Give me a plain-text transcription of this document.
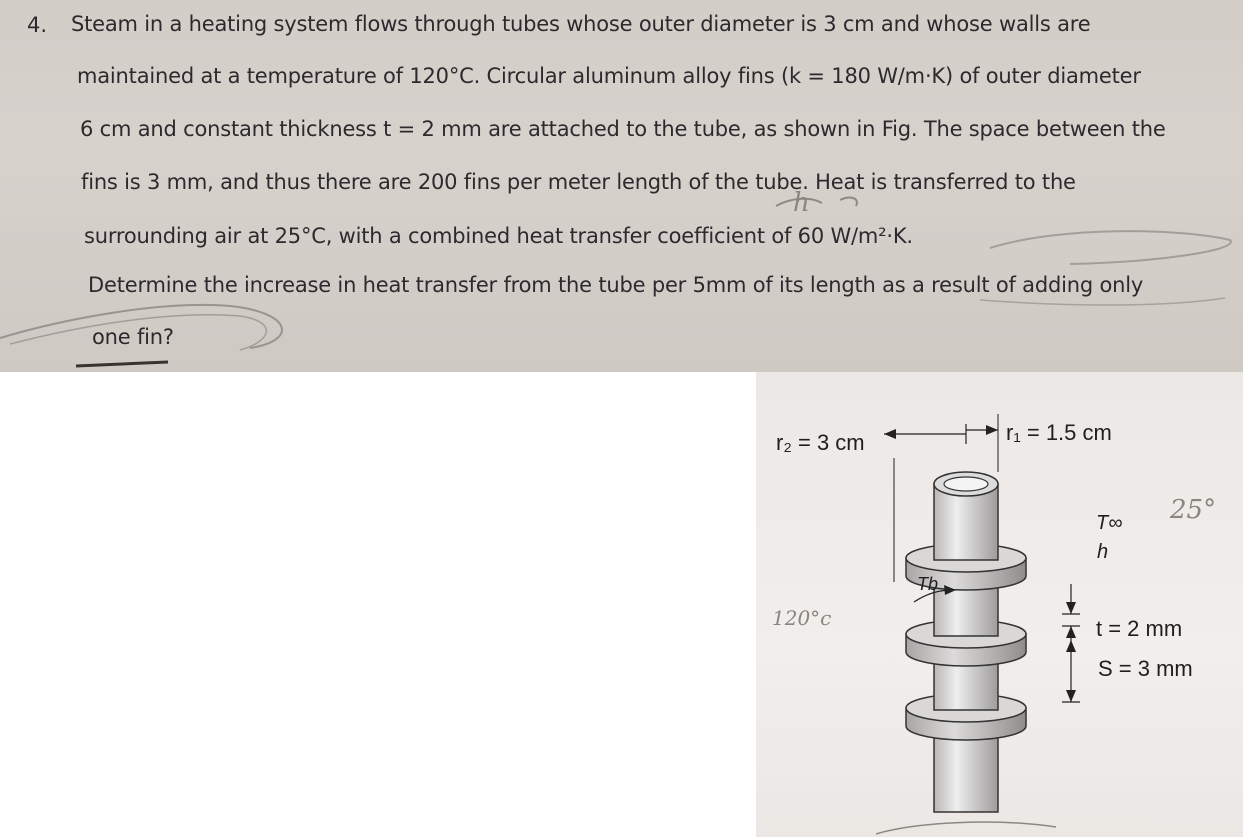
4. Steam in a heating system flows through tubes whose outer diameter is 3 cm and whose walls are
maintained at a temperature of 120°C. Circular aluminum alloy fins (k = 180 W/m·K) of outer diameter
6 cm and constant thickness t = 2 mm are attached to the tube, as shown in Fig. The space between the
fins is 3 mm, and thus there are 200 fins per meter length of the tube. Heat is transferred to the
surrounding air at 25°C, with a combined heat transfer coefficient of 60 W/m²·K.
Determine the increase in heat transfer from the tube per 5mm of its length as a result of adding only
one fin?
h
r₂ = 3 cm	r₁ = 1.5 cm
T∞
h
Tb
t = 2 mm
S = 3 mm
120°c
25°
